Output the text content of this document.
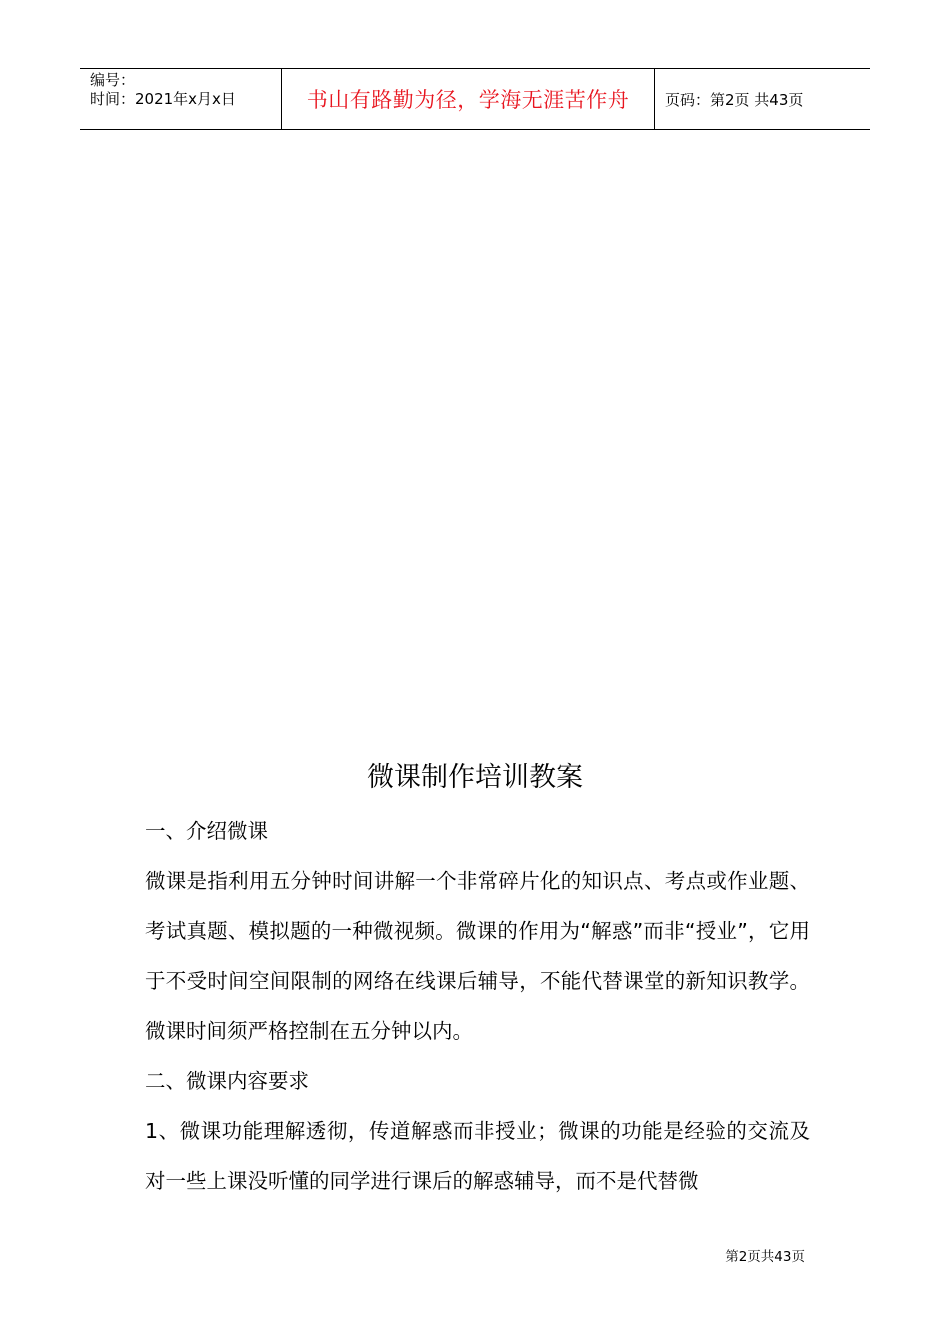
编号：
时间：2021年x月x日	书山有路勤为径，学海无涯苦作舟 页码：第2页 共43页
微课制作培训教案

一、介绍微课

微课是指利用五分钟时间讲解一个非常碎片化的知识点、考点或作业题、考试真题、模拟题的一种微视频。微课的作用为“解惑”而非“授业”，它用于不受时间空间限制的网络在线课后辅导，不能代替课堂的新知识教学。微课时间须严格控制在五分钟以内。

二、微课内容要求

1、微课功能理解透彻，传道解惑而非授业；微课的功能是经验的交流及对一些上课没听懂的同学进行课后的解惑辅导，而不是代替微

第2页共43页
